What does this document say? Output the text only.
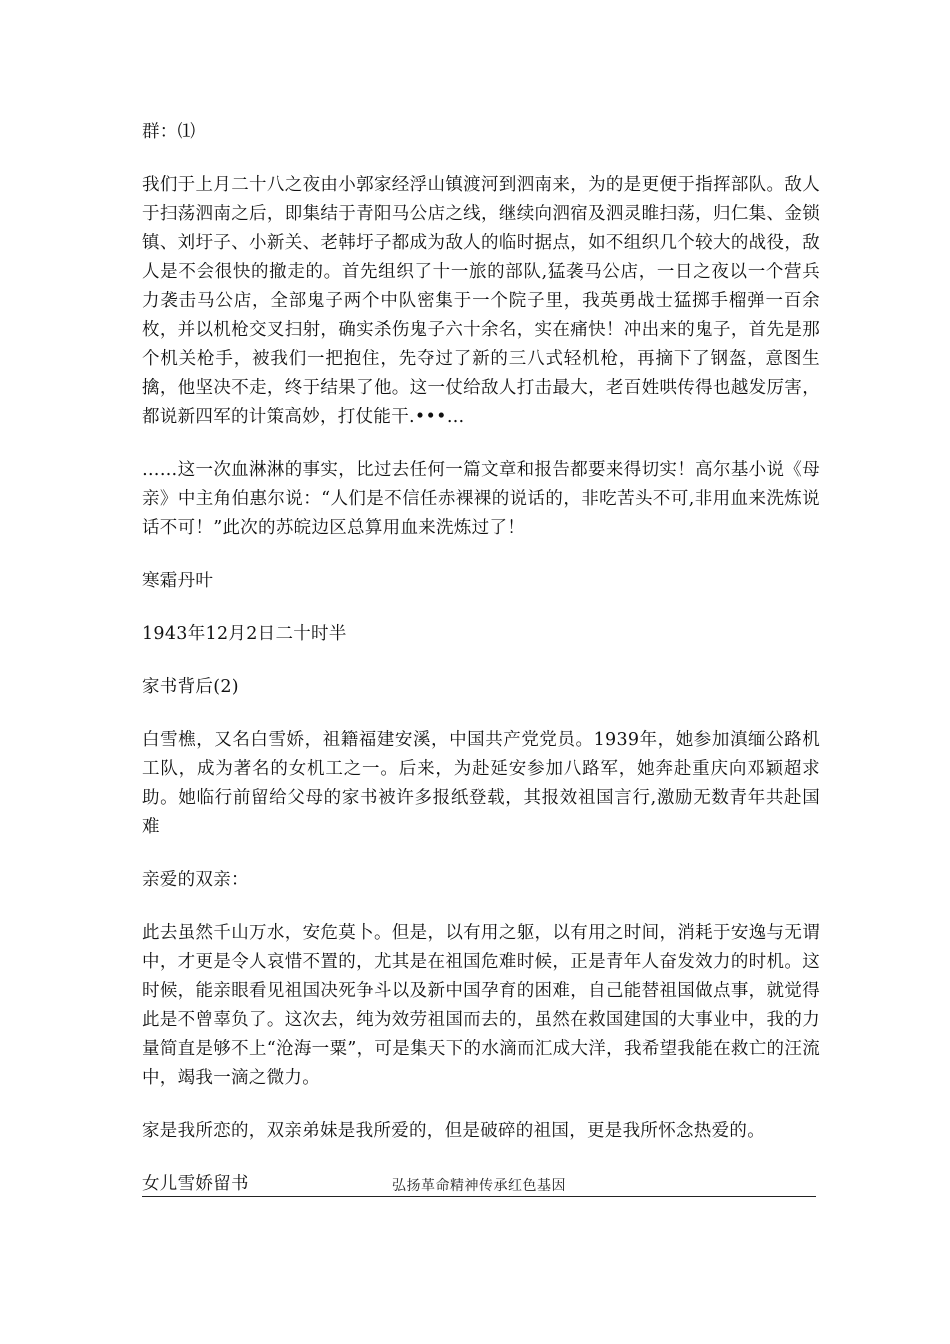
群：⑴

我们于上月二十八之夜由小郭家经浮山镇渡河到泗南来，为的是更便于指挥部队。敌人于扫荡泗南之后，即集结于青阳马公店之线，继续向泗宿及泗灵睢扫荡，归仁集、金锁镇、刘圩子、小新关、老韩圩子都成为敌人的临时据点，如不组织几个较大的战役，敌人是不会很快的撤走的。首先组织了十一旅的部队,猛袭马公店，一日之夜以一个营兵力袭击马公店，全部鬼子两个中队密集于一个院子里，我英勇战士猛掷手榴弹一百余枚，并以机枪交叉扫射，确实杀伤鬼子六十余名，实在痛快！冲出来的鬼子，首先是那个机关枪手，被我们一把抱住，先夺过了新的三八式轻机枪，再摘下了钢盔，意图生擒，他坚决不走，终于结果了他。这一仗给敌人打击最大，老百姓哄传得也越发厉害，都说新四军的计策高妙，打仗能干.•••…

……这一次血淋淋的事实，比过去任何一篇文章和报告都要来得切实！高尔基小说《母亲》中主角伯惠尔说：“人们是不信任赤裸裸的说话的，非吃苦头不可,非用血来洗炼说话不可！”此次的苏皖边区总算用血来洗炼过了！

寒霜丹叶

1943年12月2日二十时半

家书背后(2)

白雪樵，又名白雪娇，祖籍福建安溪，中国共产党党员。1939年，她参加滇缅公路机工队，成为著名的女机工之一。后来，为赴延安参加八路军，她奔赴重庆向邓颖超求助。她临行前留给父母的家书被许多报纸登载，其报效祖国言行,激励无数青年共赴国难

亲爱的双亲：

此去虽然千山万水，安危莫卜。但是，以有用之躯，以有用之时间，消耗于安逸与无谓中，才更是令人哀惜不置的，尤其是在祖国危难时候，正是青年人奋发效力的时机。这时候，能亲眼看见祖国决死争斗以及新中国孕育的困难，自己能替祖国做点事，就觉得此是不曾辜负了。这次去，纯为效劳祖国而去的，虽然在救国建国的大事业中，我的力量简直是够不上“沧海一粟”，可是集天下的水滴而汇成大洋，我希望我能在救亡的汪流中，竭我一滴之微力。

家是我所恋的，双亲弟妹是我所爱的，但是破碎的祖国，更是我所怀念热爱的。

女儿雪娇留书	弘扬革命精神传承红色基因
